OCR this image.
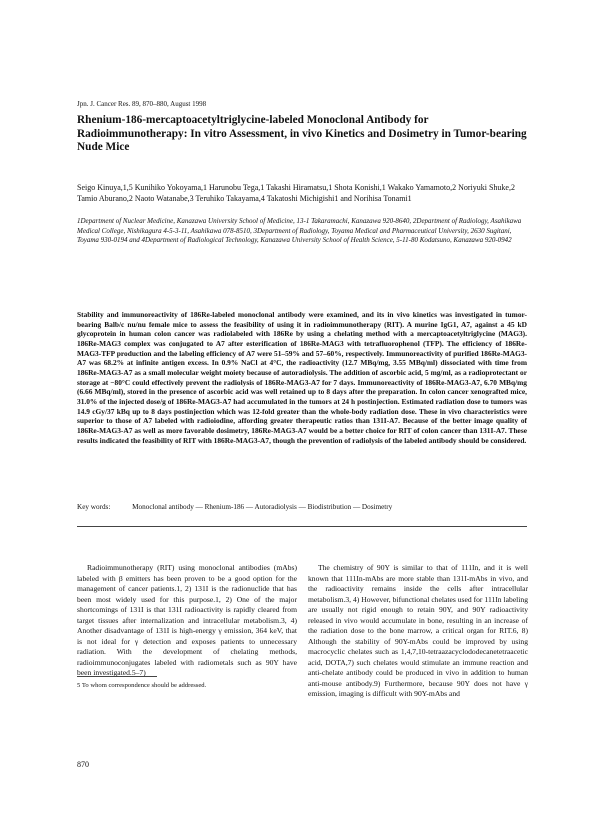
Jpn. J. Cancer Res. 89, 870–880, August 1998
Rhenium-186-mercaptoacetyltriglycine-labeled Monoclonal Antibody for Radioimmunotherapy: In vitro Assessment, in vivo Kinetics and Dosimetry in Tumor-bearing Nude Mice
Seigo Kinuya,1,5 Kunihiko Yokoyama,1 Harunobu Tega,1 Takashi Hiramatsu,1 Shota Konishi,1 Wakako Yamamoto,2 Noriyuki Shuke,2 Tamio Aburano,2 Naoto Watanabe,3 Teruhiko Takayama,4 Takatoshi Michigishi1 and Norihisa Tonami1
1Department of Nuclear Medicine, Kanazawa University School of Medicine, 13-1 Takaramachi, Kanazawa 920-8640, 2Department of Radiology, Asahikawa Medical College, Nishikagura 4-5-3-11, Asahikawa 078-8510, 3Department of Radiology, Toyama Medical and Pharmaceutical University, 2630 Sugitani, Toyama 930-0194 and 4Department of Radiological Technology, Kanazawa University School of Health Science, 5-11-80 Kodatsuno, Kanazawa 920-0942
Stability and immunoreactivity of 186Re-labeled monoclonal antibody were examined, and its in vivo kinetics was investigated in tumor-bearing Balb/c nu/nu female mice to assess the feasibility of using it in radioimmunotherapy (RIT). A murine IgG1, A7, against a 45 kD glycoprotein in human colon cancer was radiolabeled with 186Re by using a chelating method with a mercaptoacetyltriglycine (MAG3). 186Re-MAG3 complex was conjugated to A7 after esterification of 186Re-MAG3 with tetrafluorophenol (TFP). The efficiency of 186Re-MAG3-TFP production and the labeling efficiency of A7 were 51–59% and 57–60%, respectively. Immunoreactivity of purified 186Re-MAG3-A7 was 68.2% at infinite antigen excess. In 0.9% NaCl at 4°C, the radioactivity (12.7 MBq/mg, 3.55 MBq/ml) dissociated with time from 186Re-MAG3-A7 as a small molecular weight moiety because of autoradiolysis. The addition of ascorbic acid, 5 mg/ml, as a radioprotectant or storage at −80°C could effectively prevent the radiolysis of 186Re-MAG3-A7 for 7 days. Immunoreactivity of 186Re-MAG3-A7, 6.70 MBq/mg (6.66 MBq/ml), stored in the presence of ascorbic acid was well retained up to 8 days after the preparation. In colon cancer xenografted mice, 31.0% of the injected dose/g of 186Re-MAG3-A7 had accumulated in the tumors at 24 h postinjection. Estimated radiation dose to tumors was 14.9 cGy/37 kBq up to 8 days postinjection which was 12-fold greater than the whole-body radiation dose. These in vivo characteristics were superior to those of A7 labeled with radioiodine, affording greater therapeutic ratios than 131I-A7. Because of the better image quality of 186Re-MAG3-A7 as well as more favorable dosimetry, 186Re-MAG3-A7 would be a better choice for RIT of colon cancer than 131I-A7. These results indicated the feasibility of RIT with 186Re-MAG3-A7, though the prevention of radiolysis of the labeled antibody should be considered.
Key words:	Monoclonal antibody — Rhenium-186 — Autoradiolysis — Biodistribution — Dosimetry
Radioimmunotherapy (RIT) using monoclonal antibodies (mAbs) labeled with β emitters has been proven to be a good option for the management of cancer patients.1, 2) 131I is the radionuclide that has been most widely used for this purpose.1, 2) One of the major shortcomings of 131I is that 131I radioactivity is rapidly cleared from target tissues after internalization and intracellular metabolism.3, 4) Another disadvantage of 131I is high-energy γ emission, 364 keV, that is not ideal for γ detection and exposes patients to unnecessary radiation. With the development of chelating methods, radioimmunoconjugates labeled with radiometals such as 90Y have been investigated.5–7)
The chemistry of 90Y is similar to that of 111In, and it is well known that 111In-mAbs are more stable than 131I-mAbs in vivo, and the radioactivity remains inside the cells after intracellular metabolism.3, 4) However, bifunctional chelates used for 111In labeling are usually not rigid enough to retain 90Y, and 90Y radioactivity released in vivo would accumulate in bone, resulting in an increase of the radiation dose to the bone marrow, a critical organ for RIT.6, 8) Although the stability of 90Y-mAbs could be improved by using macrocyclic chelates such as 1,4,7,10-tetraazacyclododecanetetraacetic acid, DOTA,7) such chelates would stimulate an immune reaction and anti-chelate antibody could be produced in vivo in addition to human anti-mouse antibody.9) Furthermore, because 90Y does not have γ emission, imaging is difficult with 90Y-mAbs and
5 To whom correspondence should be addressed.
870
